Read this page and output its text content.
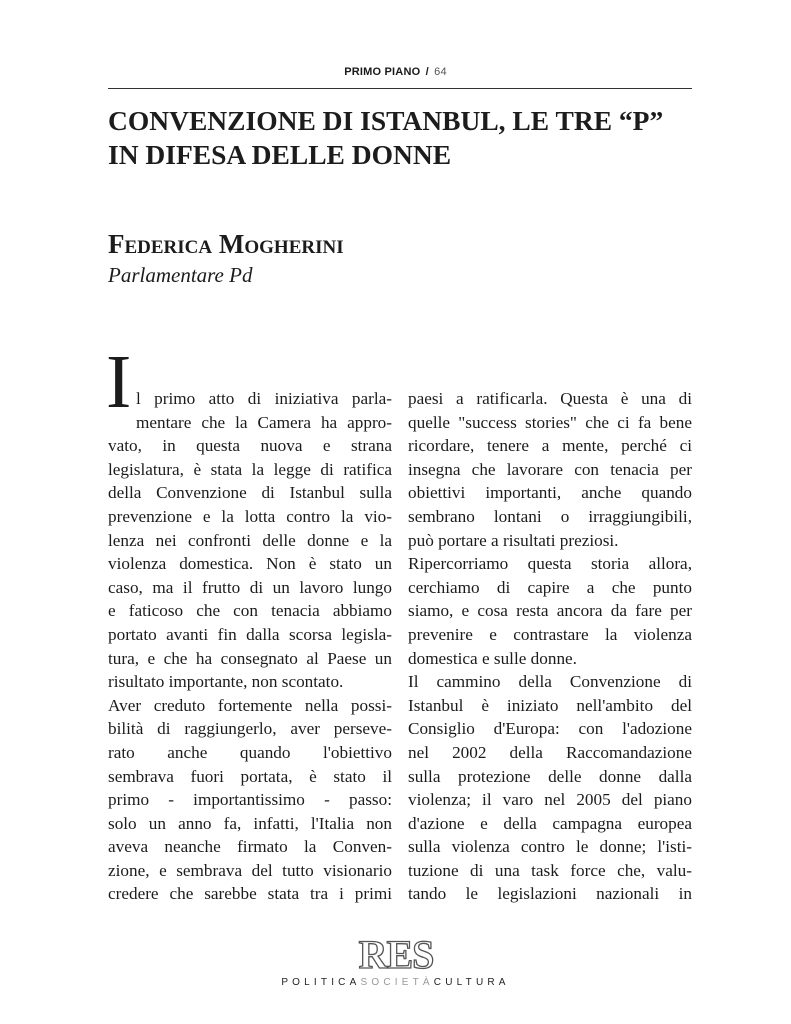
PRIMO PIANO / 64
CONVENZIONE DI ISTANBUL, LE TRE “P”
IN DIFESA DELLE DONNE
Federica Mogherini
Parlamentare Pd
I l primo atto di iniziativa parla-
mentare che la Camera ha appro-
vato, in questa nuova e strana
legislatura, è stata la legge di ratifica
della Convenzione di Istanbul sulla
prevenzione e la lotta contro la vio-
lenza nei confronti delle donne e la
violenza domestica. Non è stato un
caso, ma il frutto di un lavoro lungo
e faticoso che con tenacia abbiamo
portato avanti fin dalla scorsa legisla-
tura, e che ha consegnato al Paese un
risultato importante, non scontato.
Aver creduto fortemente nella possi-
bilità di raggiungerlo, aver perseve-
rato anche quando l'obiettivo
sembrava fuori portata, è stato il
primo - importantissimo - passo:
solo un anno fa, infatti, l'Italia non
aveva neanche firmato la Conven-
zione, e sembrava del tutto visionario
credere che sarebbe stata tra i primi
paesi a ratificarla. Questa è una di
quelle "success stories" che ci fa bene
ricordare, tenere a mente, perché ci
insegna che lavorare con tenacia per
obiettivi importanti, anche quando
sembrano lontani o irraggiungibili,
può portare a risultati preziosi.
Ripercorriamo questa storia allora,
cerchiamo di capire a che punto
siamo, e cosa resta ancora da fare per
prevenire e contrastare la violenza
domestica e sulle donne.
Il cammino della Convenzione di
Istanbul è iniziato nell'ambito del
Consiglio d'Europa: con l'adozione
nel 2002 della Raccomandazione
sulla protezione delle donne dalla
violenza; il varo nel 2005 del piano
d'azione e della campagna europea
sulla violenza contro le donne; l'isti-
tuzione di una task force che, valu-
tando le legislazioni nazionali in
RES
POLITICASOCIETÀCULTURA
